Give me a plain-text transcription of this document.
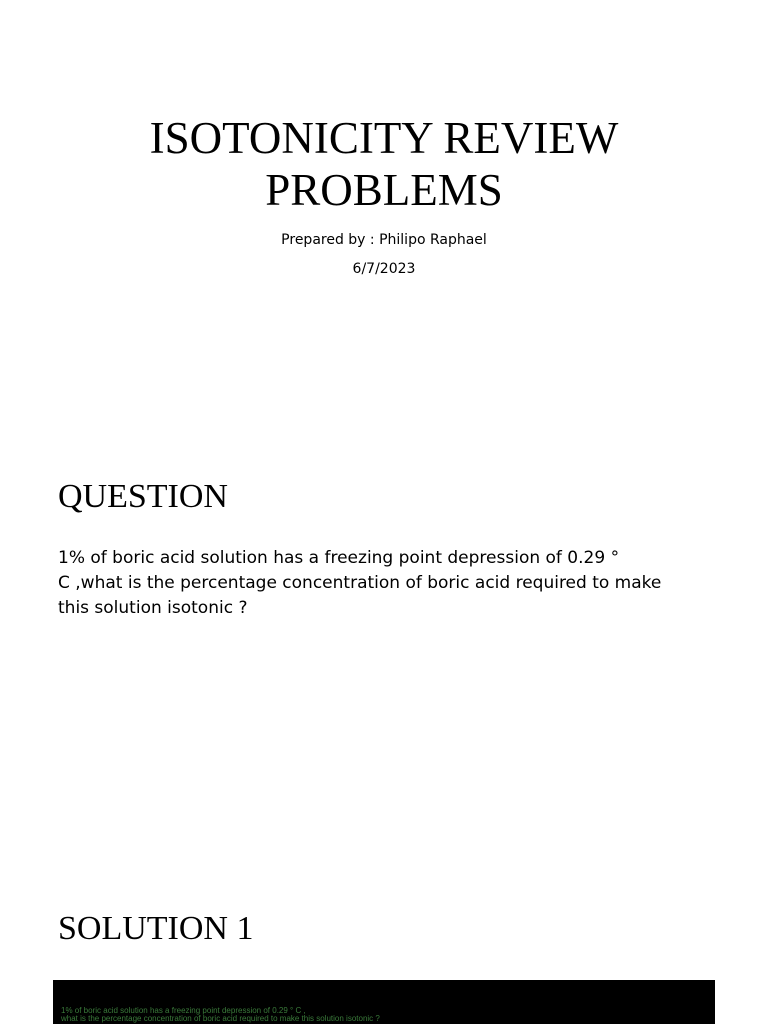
ISOTONICITY REVIEW
PROBLEMS
Prepared by : Philipo Raphael
6/7/2023
QUESTION
1% of boric acid solution has a freezing point depression of 0.29 °
C ,what is the percentage concentration of boric acid required to make
this solution isotonic ?
SOLUTION 1
1% of boric acid solution has a freezing point depression of 0.29 ° C ,
what is the percentage concentration of boric acid required to make this solution isotonic ?
